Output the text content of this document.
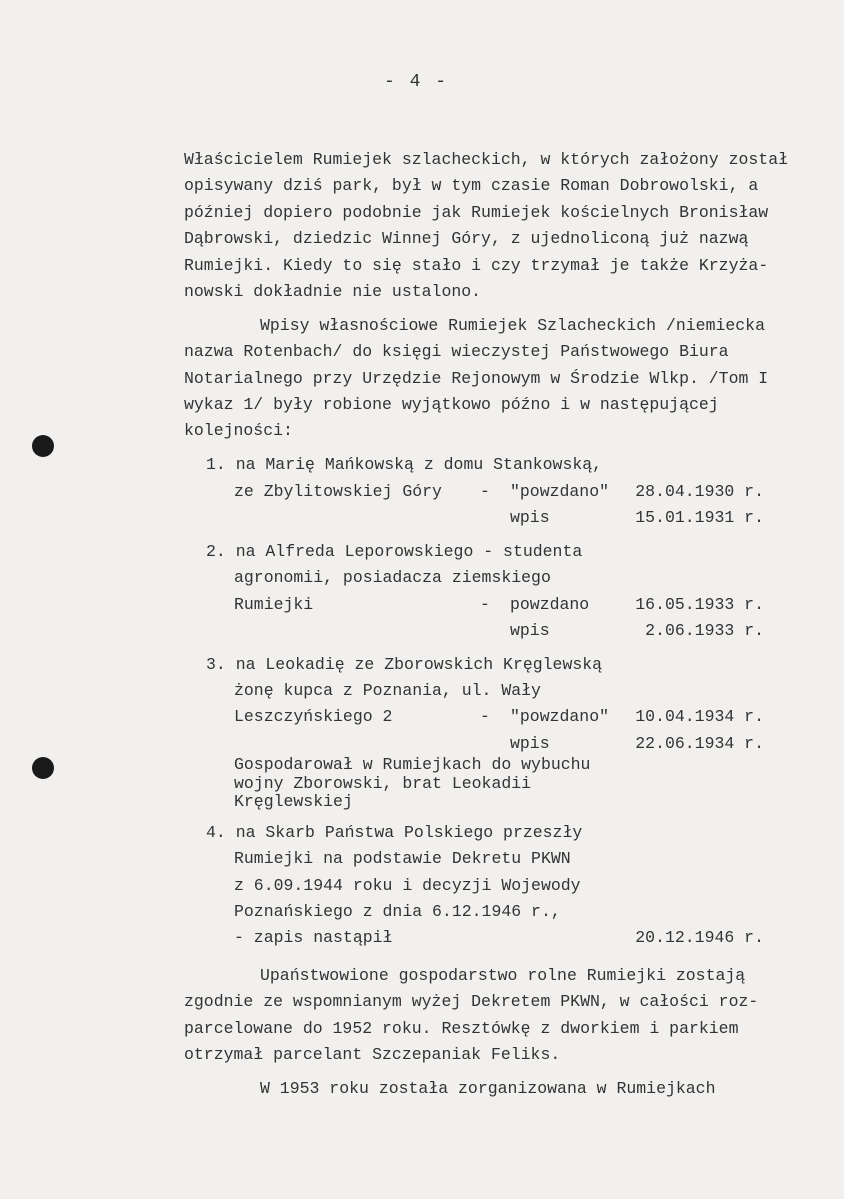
- 4 -
Właścicielem Rumiejek szlacheckich, w których założony został
opisywany dziś park, był w tym czasie Roman Dobrowolski, a
później dopiero podobnie jak Rumiejek kościelnych Bronisław
Dąbrowski, dziedzic Winnej Góry, z ujednoliconą już nazwą
Rumiejki. Kiedy to się stało i czy trzymał je także Krzyża-
nowski dokładnie nie ustalono.
Wpisy własnościowe Rumiejek Szlacheckich /niemiecka
nazwa Rotenbach/ do księgi wieczystej Państwowego Biura
Notarialnego przy Urzędzie Rejonowym w Środzie Wlkp. /Tom I
wykaz 1/ były robione wyjątkowo późno i w następującej
kolejności:
1. na Marię Mańkowską z domu Stankowską,
ze Zbylitowskiej Góry - "powzdano" 28.04.1930 r.
wpis	15.01.1931 r.
2. na Alfreda Leporowskiego - studenta
agronomii, posiadacza ziemskiego
Rumiejki	- powzdano	16.05.1933 r.
wpis	2.06.1933 r.
3. na Leokadię ze Zborowskich Kręglewską
żonę kupca z Poznania, ul. Wały
Leszczyńskiego 2	- "powzdano" 10.04.1934 r.
wpis	22.06.1934 r.
Gospodarował w Rumiejkach do wybuchu
wojny Zborowski, brat Leokadii
Kręglewskiej
4. na Skarb Państwa Polskiego przeszły
Rumiejki na podstawie Dekretu PKWN
z 6.09.1944 roku i decyzji Wojewody
Poznańskiego z dnia 6.12.1946 r.,
- zapis nastąpił	20.12.1946 r.
Upaństwowione gospodarstwo rolne Rumiejki zostają
zgodnie ze wspomnianym wyżej Dekretem PKWN, w całości roz-
parcelowane do 1952 roku. Resztówkę z dworkiem i parkiem
otrzymał parcelant Szczepaniak Feliks.
W 1953 roku została zorganizowana w Rumiejkach
